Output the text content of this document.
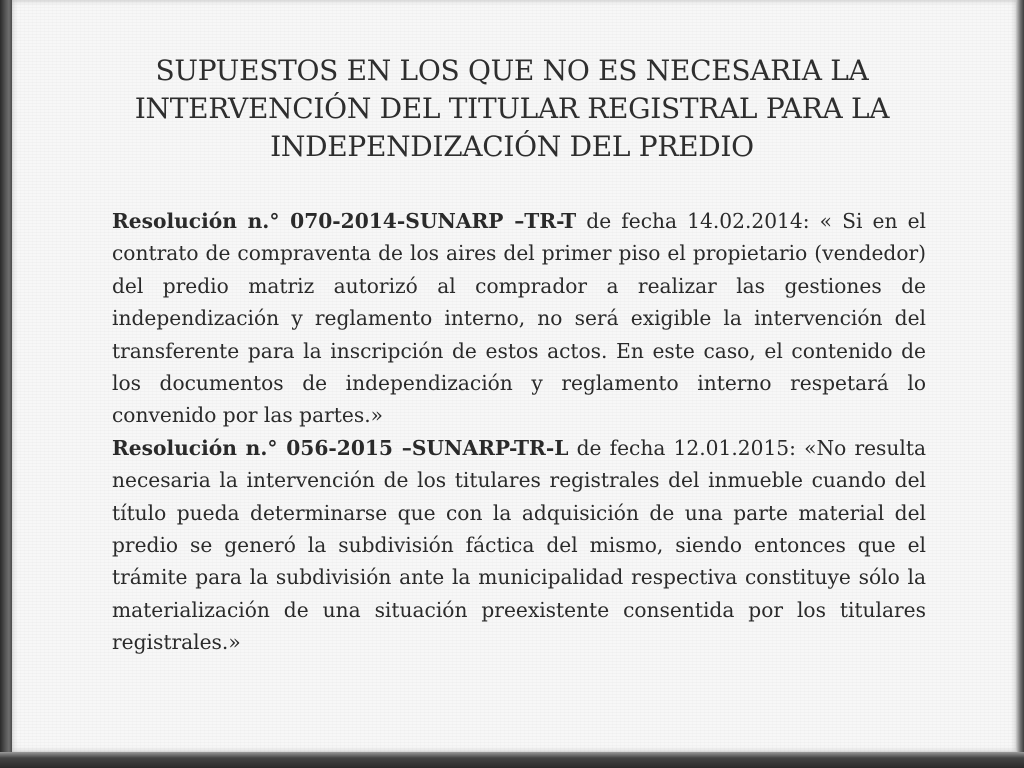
SUPUESTOS EN LOS QUE NO ES NECESARIA LA INTERVENCIÓN DEL TITULAR REGISTRAL PARA LA INDEPENDIZACIÓN DEL PREDIO

Resolución n.° 070-2014-SUNARP –TR-T de fecha 14.02.2014: « Si en el contrato de compraventa de los aires del primer piso el propietario (vendedor) del predio matriz autorizó al comprador a realizar las gestiones de independización y reglamento interno, no será exigible la intervención del transferente para la inscripción de estos actos. En este caso, el contenido de los documentos de independización y reglamento interno respetará lo convenido por las partes.»

Resolución n.° 056-2015 –SUNARP-TR-L de fecha 12.01.2015: «No resulta necesaria la intervención de los titulares registrales del inmueble cuando del título pueda determinarse que con la adquisición de una parte material del predio se generó la subdivisión fáctica del mismo, siendo entonces que el trámite para la subdivisión ante la municipalidad respectiva constituye sólo la materialización de una situación preexistente consentida por los titulares registrales.»
